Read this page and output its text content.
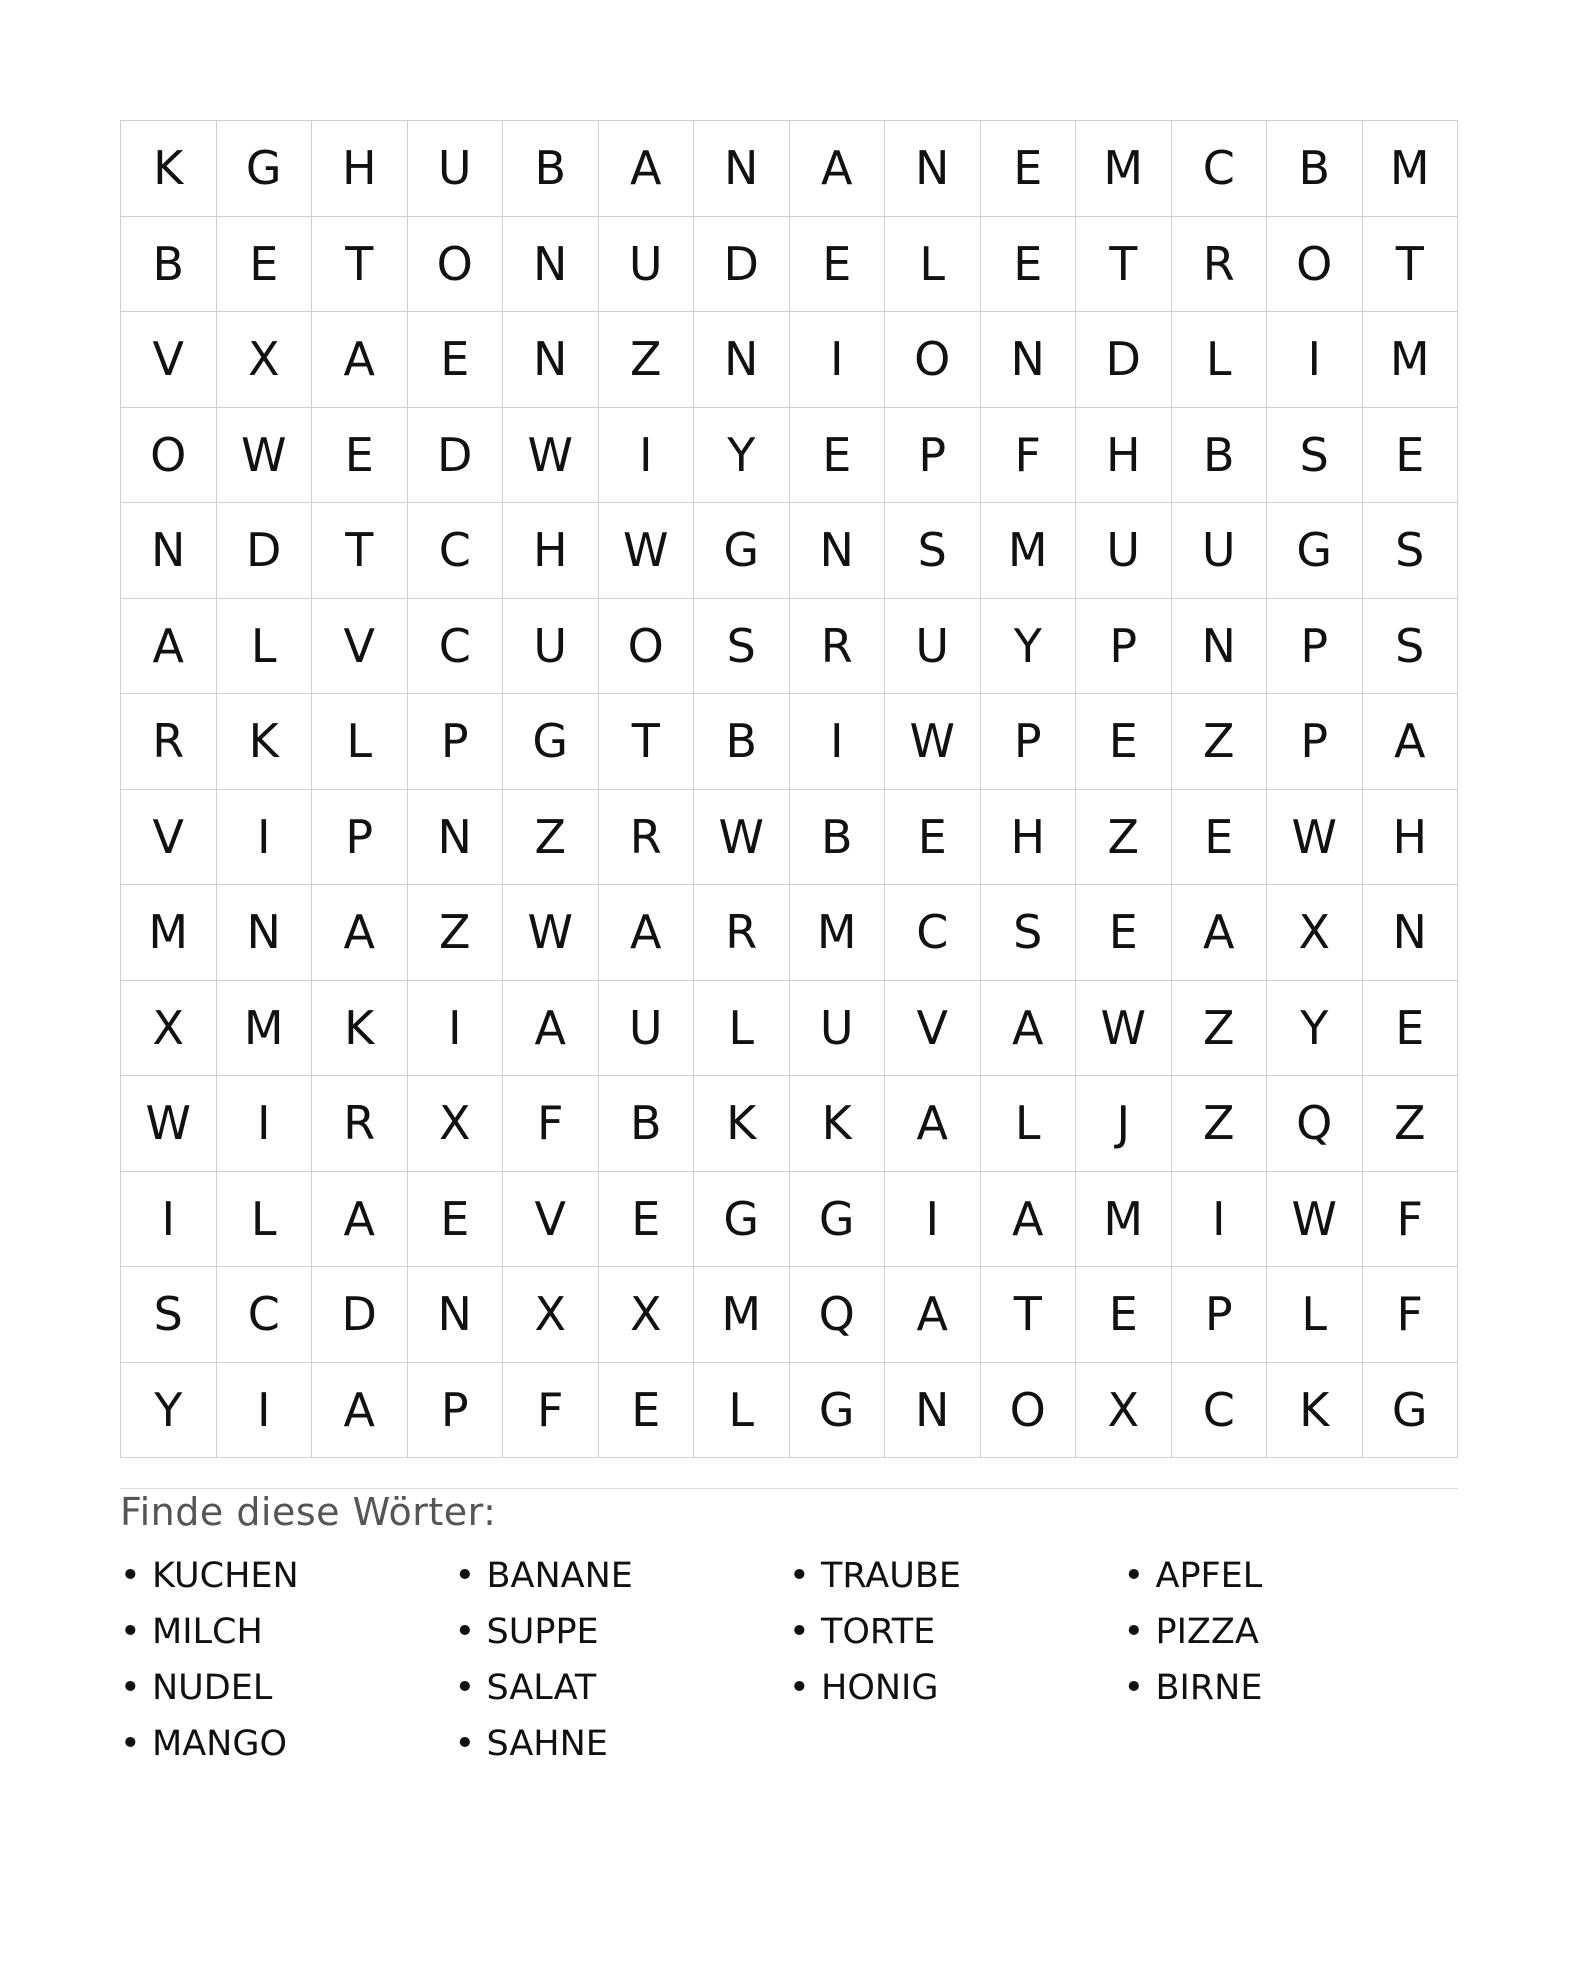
K	G	H	U	B	A	N	A	N	E	M	C	B	M
B	E	T	O	N	U	D	E	L	E	T	R	O	T
V	X	A	E	N	Z	N	I	O	N	D	L	I	M
O	W	E	D	W	I	Y	E	P	F	H	B	S	E
N	D	T	C	H	W	G	N	S	M	U	U	G	S
A	L	V	C	U	O	S	R	U	Y	P	N	P	S
R	K	L	P	G	T	B	I	W	P	E	Z	P	A
V	I	P	N	Z	R	W	B	E	H	Z	E	W	H
M	N	A	Z	W	A	R	M	C	S	E	A	X	N
X	M	K	I	A	U	L	U	V	A	W	Z	Y	E
W	I	R	X	F	B	K	K	A	L	J	Z	Q	Z
I	L	A	E	V	E	G	G	I	A	M	I	W	F
S	C	D	N	X	X	M	Q	A	T	E	P	L	F
Y	I	A	P	F	E	L	G	N	O	X	C	K	G
Finde diese Wörter:
• KUCHEN	• BANANE	• TRAUBE	• APFEL
• MILCH	• SUPPE	• TORTE	• PIZZA
• NUDEL	• SALAT	• HONIG	• BIRNE
• MANGO	• SAHNE
